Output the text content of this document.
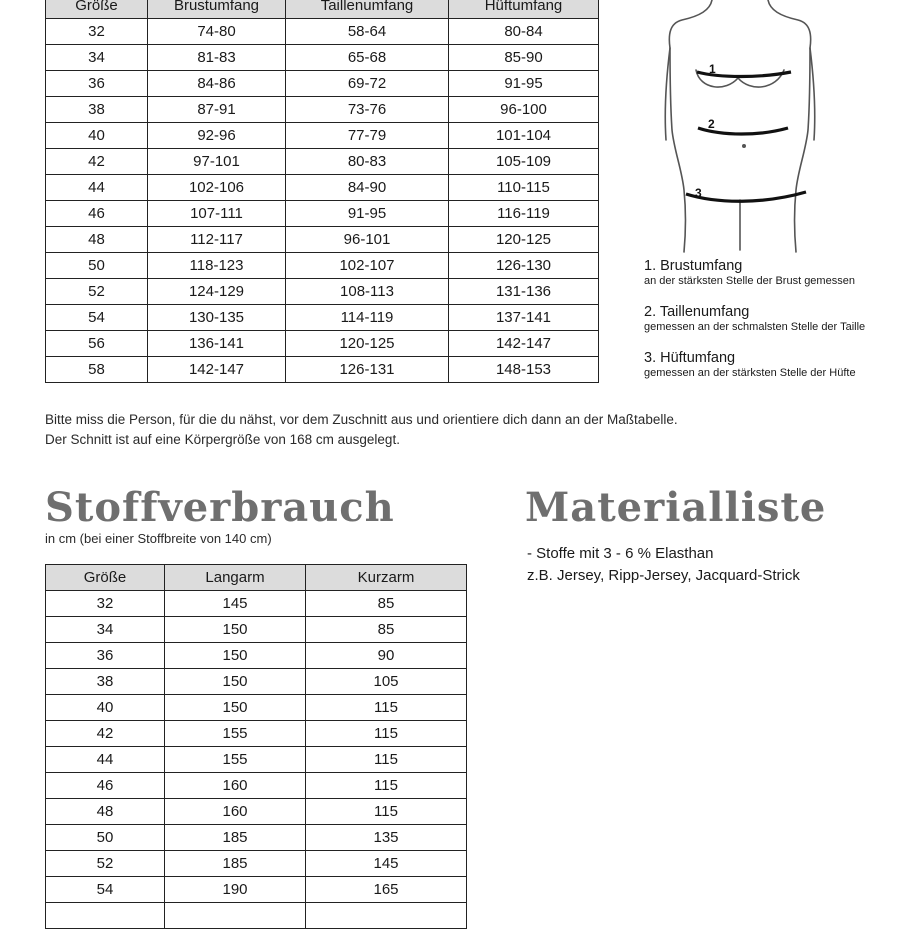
Größe	Brustumfang	Taillenumfang	Hüftumfang
32	74-80	58-64	80-84
34	81-83	65-68	85-90
36	84-86	69-72	91-95
38	87-91	73-76	96-100
40	92-96	77-79	101-104
42	97-101	80-83	105-109
44	102-106	84-90	110-115
46	107-111	91-95	116-119
48	112-117	96-101	120-125
50	118-123	102-107	126-130
52	124-129	108-113	131-136
54	130-135	114-119	137-141
56	136-141	120-125	142-147
58	142-147	126-131	148-153
1
2
3
1. Brustumfang
an der stärksten Stelle der Brust gemessen
2. Taillenumfang
gemessen an der schmalsten Stelle der Taille
3. Hüftumfang
gemessen an der stärksten Stelle der Hüfte
Bitte miss die Person, für die du nähst, vor dem Zuschnitt aus und orientiere dich dann an der Maßtabelle.
Der Schnitt ist auf eine Körpergröße von 168 cm ausgelegt.
Stoffverbrauch
in cm (bei einer Stoffbreite von 140 cm)
Größe	Langarm	Kurzarm
32	145	85
34	150	85
36	150	90
38	150	105
40	150	115
42	155	115
44	155	115
46	160	115
48	160	115
50	185	135
52	185	145
54	190	165

Materialliste
- Stoffe mit 3 - 6 % Elasthan
z.B. Jersey, Ripp-Jersey, Jacquard-Strick
